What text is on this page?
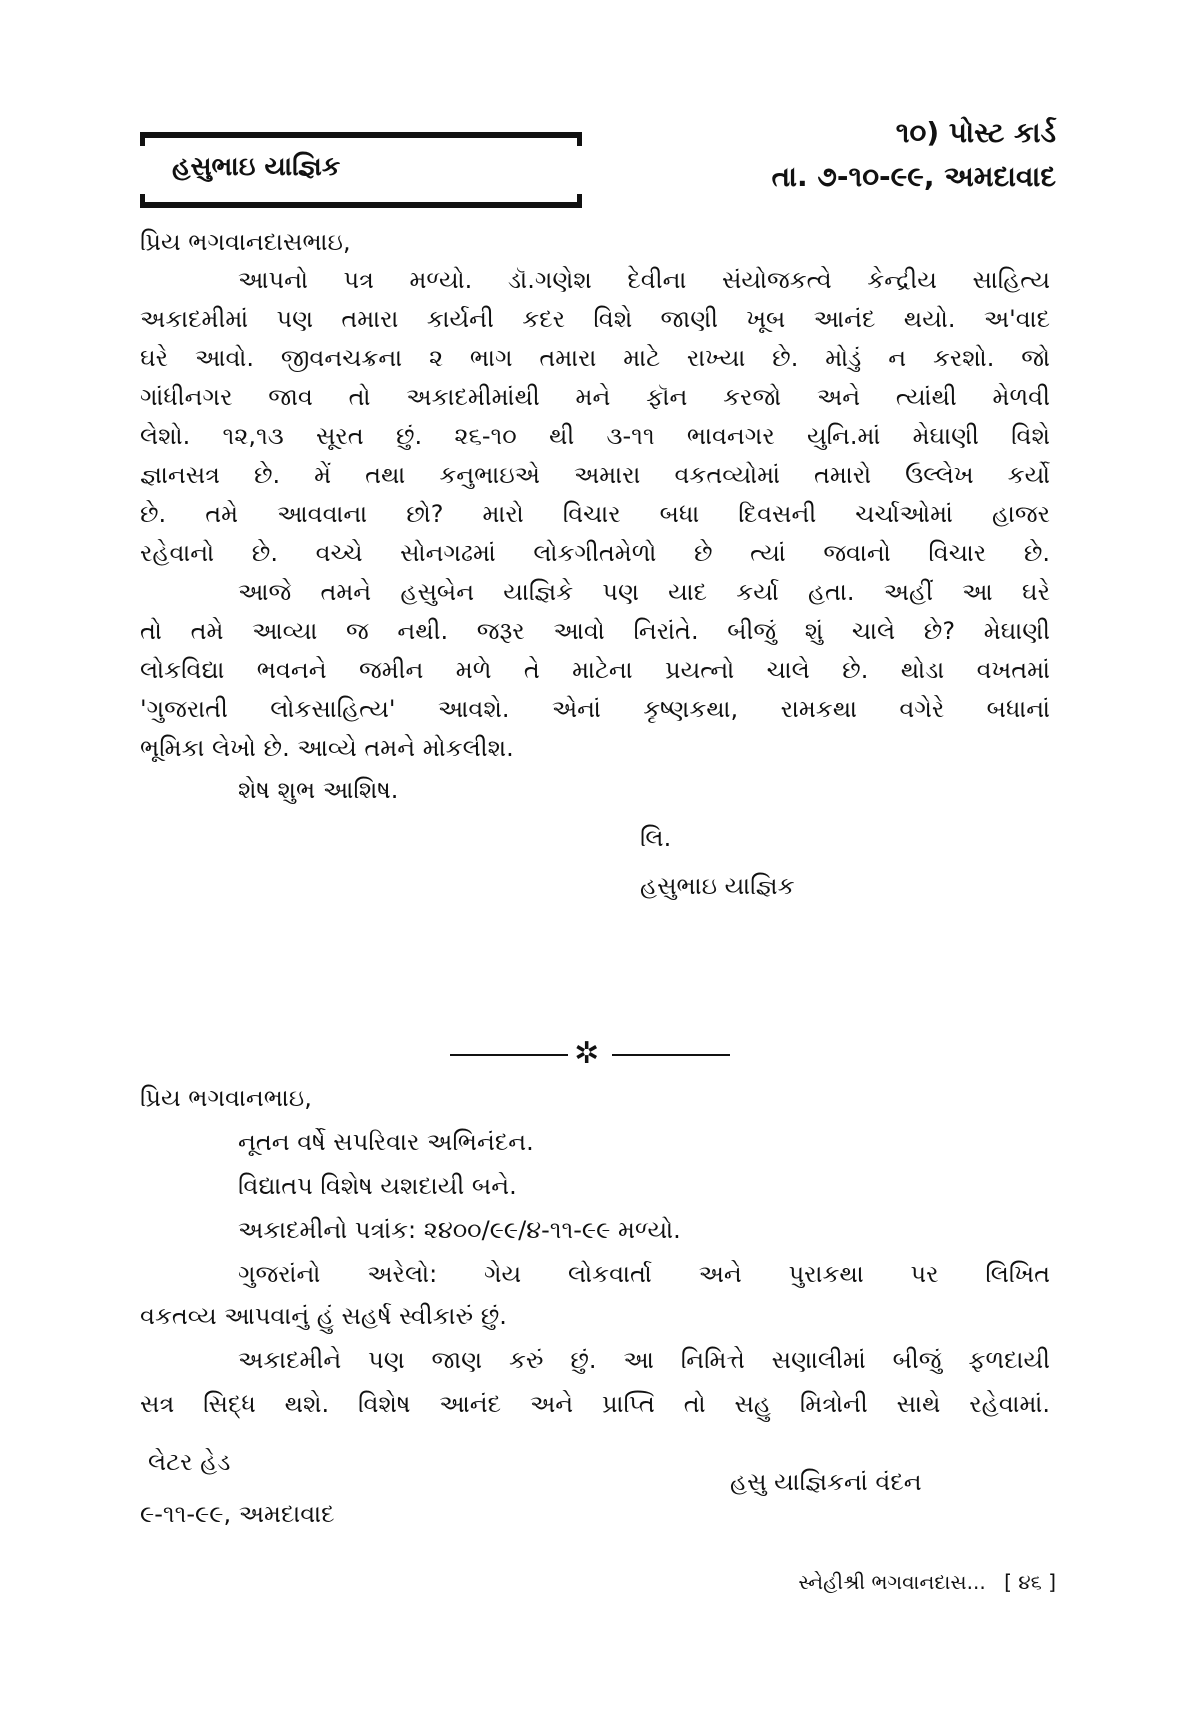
હસુભાઇ યાજ્ઞિક
૧૦) પોસ્ટ કાર્ડ
તા. ૭-૧૦-૯૯, અમદાવાદ
પ્રિય ભગવાનદાસભાઇ,
આપનો પત્ર મળ્યો. ડૉ.ગણેશ દેવીના સંયોજકત્વે કેન્દ્રીય સાહિત્ય
અકાદમીમાં પણ તમારા કાર્યની કદર વિશે જાણી ખૂબ આનંદ થયો. અ'વાદ
ઘરે આવો. જીવનચક્રના ૨ ભાગ તમારા માટે રાખ્યા છે. મોડું ન કરશો. જો
ગાંધીનગર જાવ તો અકાદમીમાંથી મને ફૉન કરજો અને ત્યાંથી મેળવી
લેશો. ૧૨,૧૩ સૂરત છું. ૨૬-૧૦ થી ૩-૧૧ ભાવનગર યુનિ.માં મેઘાણી વિશે
જ્ઞાનસત્ર છે. મેં તથા કનુભાઇએ અમારા વકતવ્યોમાં તમારો ઉલ્લેખ કર્યો
છે. તમે આવવાના છો? મારો વિચાર બધા દિવસની ચર્ચાઓમાં હાજર
રહેવાનો છે. વચ્ચે સોનગઢમાં લોકગીતમેળો છે ત્યાં જવાનો વિચાર છે.
આજે તમને હસુબેન યાજ્ઞિકે પણ યાદ કર્યા હતા. અહીં આ ઘરે
તો તમે આવ્યા જ નથી. જરૂર આવો નિરાંતે. બીજું શું ચાલે છે? મેઘાણી
લોકવિદ્યા ભવનને જમીન મળે તે માટેના પ્રયત્નો ચાલે છે. થોડા વખતમાં
'ગુજરાતી લોકસાહિત્ય' આવશે. એનાં કૃષ્ણકથા, રામકથા વગેરે બધાનાં
ભૂમિકા લેખો છે. આવ્યે તમને મોકલીશ.
શેષ શુભ આશિષ.
લિ.
હસુભાઇ યાજ્ઞિક
✲
પ્રિય ભગવાનભાઇ,
નૂતન વર્ષે સપરિવાર અભિનંદન.
વિદ્યાતપ વિશેષ યશદાયી બને.
અકાદમીનો પત્રાંક: ૨૪૦૦/૯૯/૪-૧૧-૯૯ મળ્યો.
ગુજરાંનો અરેલો: ગેય લોકવાર્તા અને પુરાકથા પર લિખિત
વકતવ્ય આપવાનું હું સહર્ષ સ્વીકારું છું.
અકાદમીને પણ જાણ કરું છું. આ નિમિત્તે સણાલીમાં બીજું ફળદાયી
સત્ર સિદ્ધ થશે. વિશેષ આનંદ અને પ્રાપ્તિ તો સહુ મિત્રોની સાથે રહેવામાં.
લેટર હેડ
હસુ યાજ્ઞિકનાં વંદન
૯-૧૧-૯૯, અમદાવાદ
સ્નેહીશ્રી ભગવાનદાસ... [ ૪૬ ]
